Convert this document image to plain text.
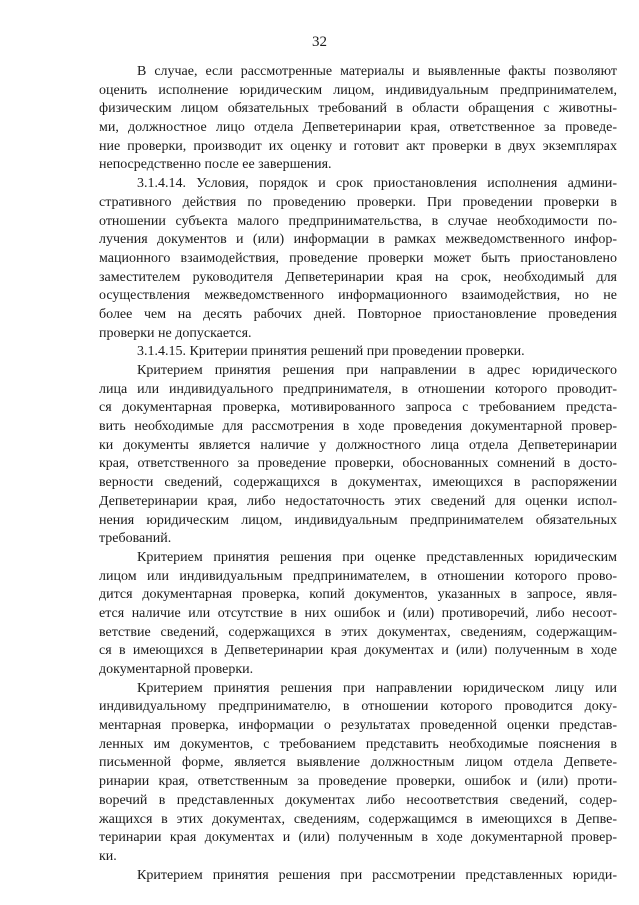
32
В случае, если рассмотренные материалы и выявленные факты позволяют
оценить исполнение юридическим лицом, индивидуальным предпринимателем,
физическим лицом обязательных требований в области обращения с животны-
ми, должностное лицо отдела Депветеринарии края, ответственное за проведе-
ние проверки, производит их оценку и готовит акт проверки в двух экземплярах
непосредственно после ее завершения.
3.1.4.14. Условия, порядок и срок приостановления исполнения админи-
стративного действия по проведению проверки. При проведении проверки в
отношении субъекта малого предпринимательства, в случае необходимости по-
лучения документов и (или) информации в рамках межведомственного инфор-
мационного взаимодействия, проведение проверки может быть приостановлено
заместителем руководителя Депветеринарии края на срок, необходимый для
осуществления межведомственного информационного взаимодействия, но не
более чем на десять рабочих дней. Повторное приостановление проведения
проверки не допускается.
3.1.4.15. Критерии принятия решений при проведении проверки.
Критерием принятия решения при направлении в адрес юридического
лица или индивидуального предпринимателя, в отношении которого проводит-
ся документарная проверка, мотивированного запроса с требованием предста-
вить необходимые для рассмотрения в ходе проведения документарной провер-
ки документы является наличие у должностного лица отдела Депветеринарии
края, ответственного за проведение проверки, обоснованных сомнений в досто-
верности сведений, содержащихся в документах, имеющихся в распоряжении
Депветеринарии края, либо недостаточность этих сведений для оценки испол-
нения юридическим лицом, индивидуальным предпринимателем обязательных
требований.
Критерием принятия решения при оценке представленных юридическим
лицом или индивидуальным предпринимателем, в отношении которого прово-
дится документарная проверка, копий документов, указанных в запросе, явля-
ется наличие или отсутствие в них ошибок и (или) противоречий, либо несоот-
ветствие сведений, содержащихся в этих документах, сведениям, содержащим-
ся в имеющихся в Депветеринарии края документах и (или) полученным в ходе
документарной проверки.
Критерием принятия решения при направлении юридическом лицу или
индивидуальному предпринимателю, в отношении которого проводится доку-
ментарная проверка, информации о результатах проведенной оценки представ-
ленных им документов, с требованием представить необходимые пояснения в
письменной форме, является выявление должностным лицом отдела Депвете-
ринарии края, ответственным за проведение проверки, ошибок и (или) проти-
воречий в представленных документах либо несоответствия сведений, содер-
жащихся в этих документах, сведениям, содержащимся в имеющихся в Депве-
теринарии края документах и (или) полученным в ходе документарной провер-
ки.
Критерием принятия решения при рассмотрении представленных юриди-
